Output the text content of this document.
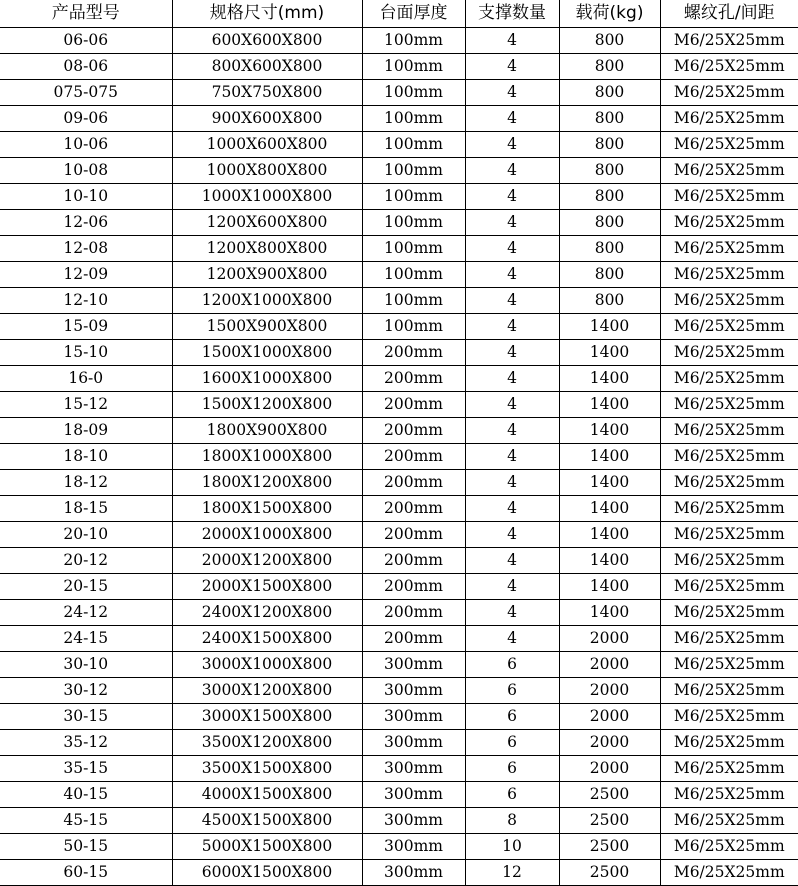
产品型号	规格尺寸(mm)	台面厚度	支撑数量	载荷(kg)	螺纹孔/间距
06-06	600X600X800	100mm	4	800	M6/25X25mm
08-06	800X600X800	100mm	4	800	M6/25X25mm
075-075	750X750X800	100mm	4	800	M6/25X25mm
09-06	900X600X800	100mm	4	800	M6/25X25mm
10-06	1000X600X800	100mm	4	800	M6/25X25mm
10-08	1000X800X800	100mm	4	800	M6/25X25mm
10-10	1000X1000X800	100mm	4	800	M6/25X25mm
12-06	1200X600X800	100mm	4	800	M6/25X25mm
12-08	1200X800X800	100mm	4	800	M6/25X25mm
12-09	1200X900X800	100mm	4	800	M6/25X25mm
12-10	1200X1000X800	100mm	4	800	M6/25X25mm
15-09	1500X900X800	100mm	4	1400	M6/25X25mm
15-10	1500X1000X800	200mm	4	1400	M6/25X25mm
16-0	1600X1000X800	200mm	4	1400	M6/25X25mm
15-12	1500X1200X800	200mm	4	1400	M6/25X25mm
18-09	1800X900X800	200mm	4	1400	M6/25X25mm
18-10	1800X1000X800	200mm	4	1400	M6/25X25mm
18-12	1800X1200X800	200mm	4	1400	M6/25X25mm
18-15	1800X1500X800	200mm	4	1400	M6/25X25mm
20-10	2000X1000X800	200mm	4	1400	M6/25X25mm
20-12	2000X1200X800	200mm	4	1400	M6/25X25mm
20-15	2000X1500X800	200mm	4	1400	M6/25X25mm
24-12	2400X1200X800	200mm	4	1400	M6/25X25mm
24-15	2400X1500X800	200mm	4	2000	M6/25X25mm
30-10	3000X1000X800	300mm	6	2000	M6/25X25mm
30-12	3000X1200X800	300mm	6	2000	M6/25X25mm
30-15	3000X1500X800	300mm	6	2000	M6/25X25mm
35-12	3500X1200X800	300mm	6	2000	M6/25X25mm
35-15	3500X1500X800	300mm	6	2000	M6/25X25mm
40-15	4000X1500X800	300mm	6	2500	M6/25X25mm
45-15	4500X1500X800	300mm	8	2500	M6/25X25mm
50-15	5000X1500X800	300mm	10	2500	M6/25X25mm
60-15	6000X1500X800	300mm	12	2500	M6/25X25mm
